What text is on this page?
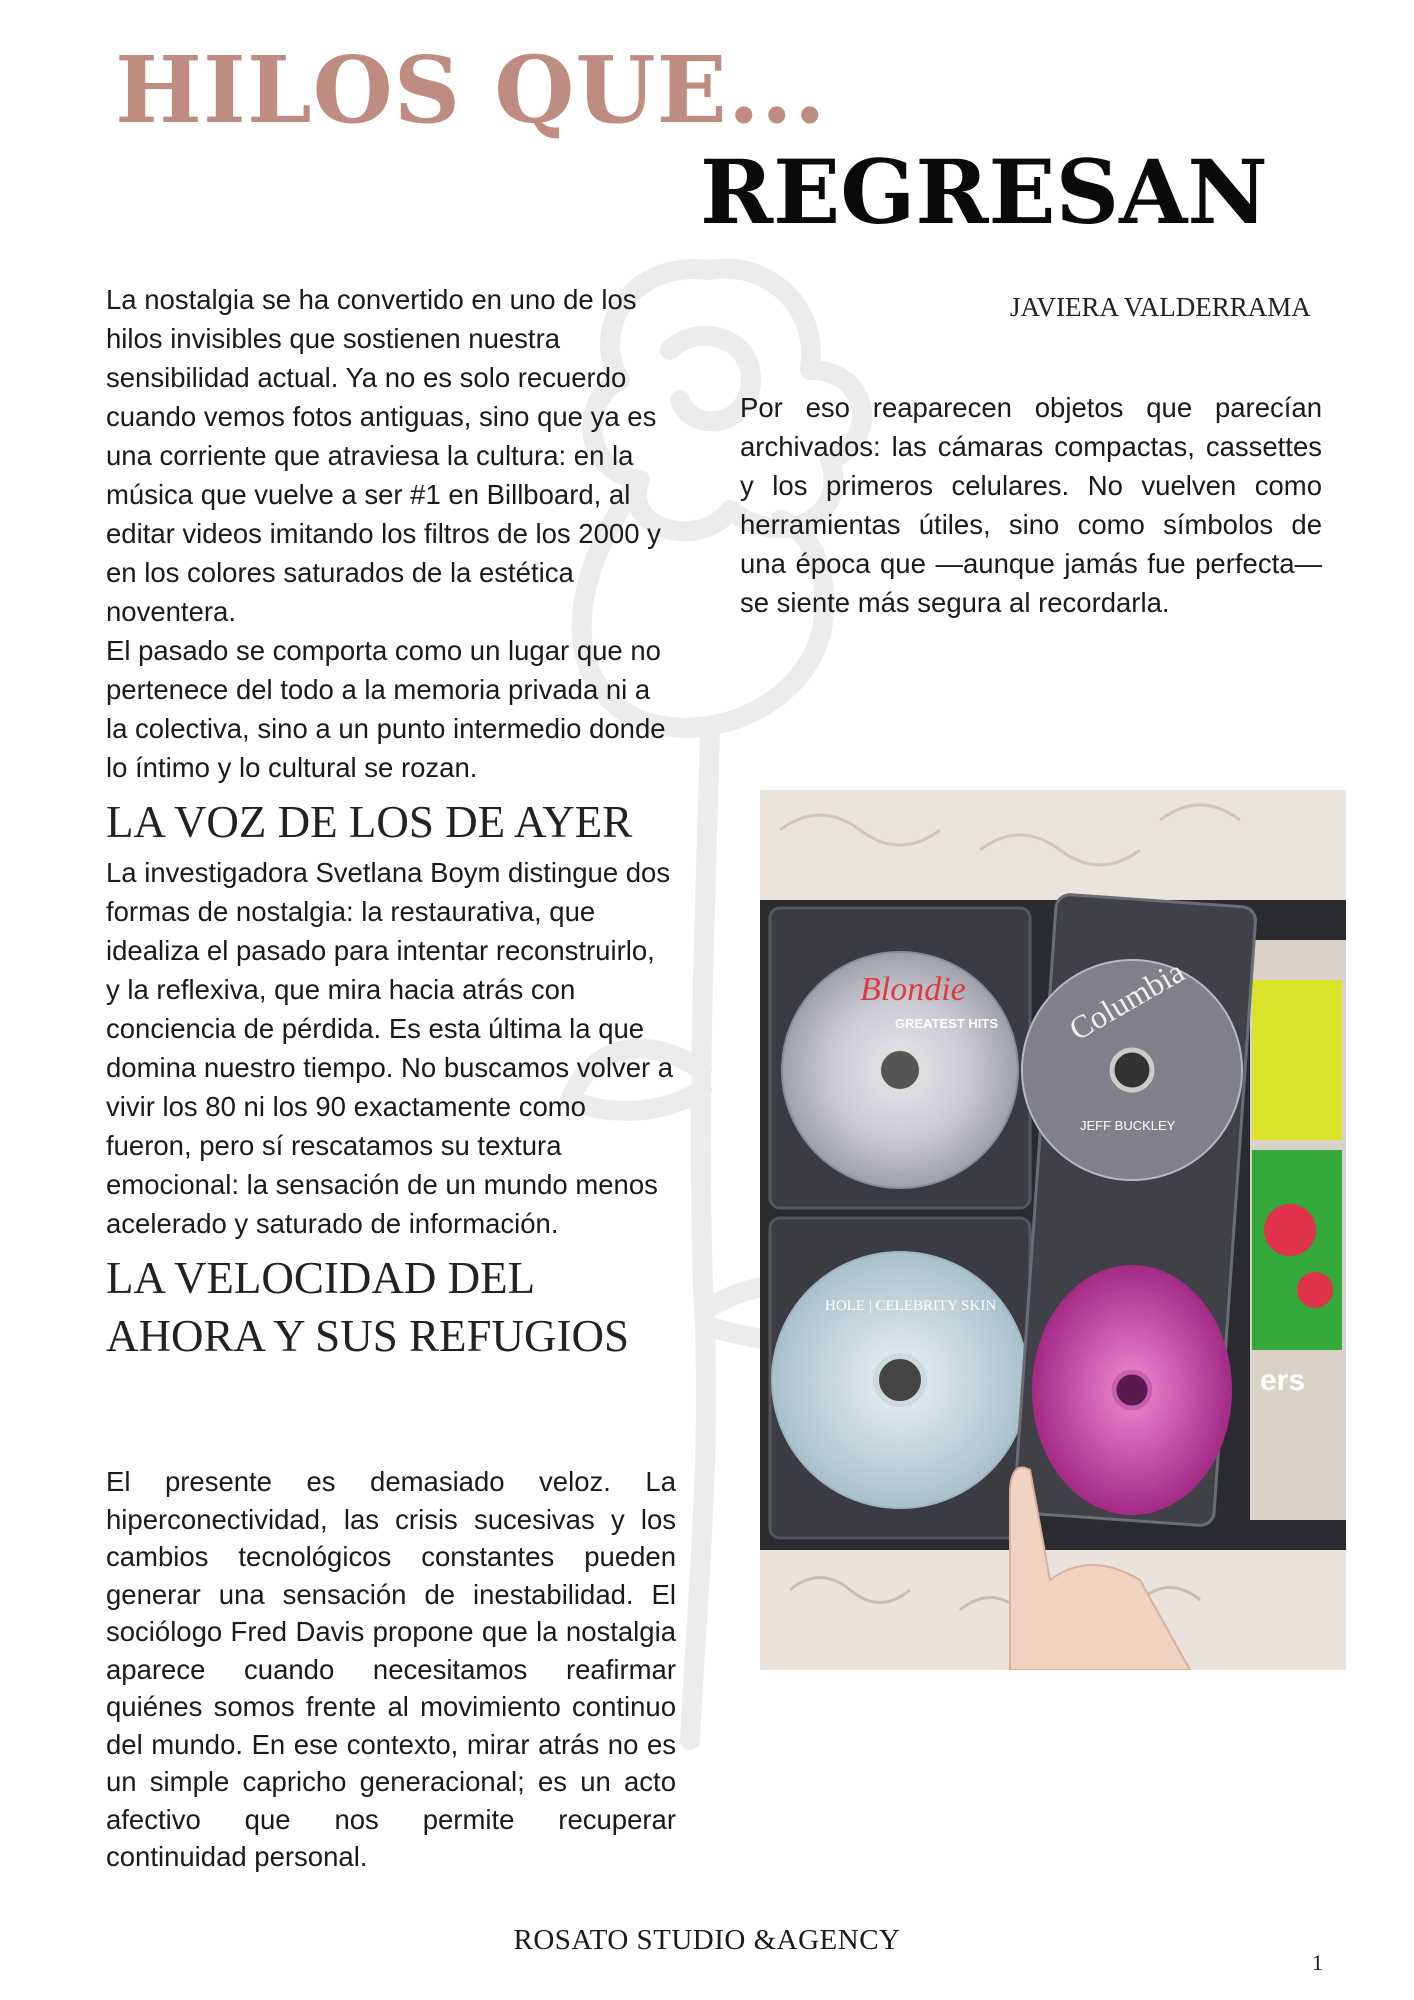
HILOS QUE...
REGRESAN
JAVIERA VALDERRAMA

La nostalgia se ha convertido en uno de los hilos invisibles que sostienen nuestra sensibilidad actual. Ya no es solo recuerdo cuando vemos fotos antiguas, sino que ya es una corriente que atraviesa la cultura: en la música que vuelve a ser #1 en Billboard, al editar videos imitando los filtros de los 2000 y en los colores saturados de la estética noventera.

El pasado se comporta como un lugar que no pertenece del todo a la memoria privada ni a la colectiva, sino a un punto intermedio donde lo íntimo y lo cultural se rozan.

LA VOZ DE LOS DE AYER

La investigadora Svetlana Boym distingue dos formas de nostalgia: la restaurativa, que idealiza el pasado para intentar reconstruirlo, y la reflexiva, que mira hacia atrás con conciencia de pérdida. Es esta última la que domina nuestro tiempo. No buscamos volver a vivir los 80 ni los 90 exactamente como fueron, pero sí rescatamos su textura emocional: la sensación de un mundo menos acelerado y saturado de información.

LA VELOCIDAD DEL AHORA Y SUS REFUGIOS

El presente es demasiado veloz. La hiperconectividad, las crisis sucesivas y los cambios tecnológicos constantes pueden generar una sensación de inestabilidad. El sociólogo Fred Davis propone que la nostalgia aparece cuando necesitamos reafirmar quiénes somos frente al movimiento continuo del mundo. En ese contexto, mirar atrás no es un simple capricho generacional; es un acto afectivo que nos permite recuperar continuidad personal.

Por eso reaparecen objetos que parecían archivados: las cámaras compactas, cassettes y los primeros celulares. No vuelven como herramientas útiles, sino como símbolos de una época que —aunque jamás fue perfecta— se siente más segura al recordarla.

Blondie
GREATEST HITS
HOLE | CELEBRITY SKIN
Columbia
JEFF BUCKLEY
ers
ROSATO STUDIO &AGENCY
1
